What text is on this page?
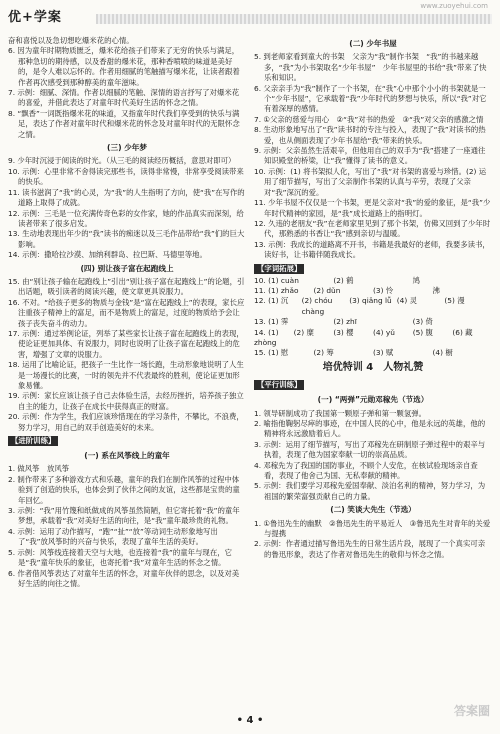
优+学案
www.zuoyehui.com
奋和喜悦以及急切想吃爆米花的心情。
6. 因为童年时期物质匮乏，爆米花给孩子们带来了无穷的快乐与满足，那种急切的期待感，以及香甜的爆米花，那种香喷喷的味道是美好的，是令人难以忘怀的。作者用细腻的笔触描写爆米花，让读者跟着作者再次感受到那种醇美的童年滋味。
7. 示例：细腻、深情。作者以细腻的笔触、深情的语言抒写了对爆米花的喜爱，并借此表达了对童年时代美好生活的怀念之情。
8. “飘香”一词既指爆米花的味道，又指童年时代我们享受到的快乐与满足，表达了作者对童年时代和爆米花的怀念及对童年时代的无限怀念之情。
(三) 少年梦
9. 少年时沉浸于阅读的时光。（从三毛的阅读经历概括，意思对即可）
10. 示例：心里非常不舍得读完那些书，读得非常慢，非常享受阅读带来的快乐。
11. 读书滋润了“我”的心灵，为“我”的人生指明了方向，使“我”在写作的道路上取得了成就。
12. 示例：三毛是一位充满传奇色彩的女作家，她的作品真实而深刻，给读者带来了很多启发。
13. 生动地表现出年少的“我”读书的痴迷以及三毛作品带给“我”们的巨大影响。
14. 示例：撒哈拉沙漠、加纳利群岛、拉巴斯、马德里等地。
(四) 别让孩子富在起跑线上
15. 由“别让孩子输在起跑线上”引出“别让孩子富在起跑线上”的论题，引出话题，吸引读者的阅读兴趣，使文章更具说服力。
16. 不对。“给孩子更多的物质与金钱”是“富在起跑线上”的表现，家长应注重孩子精神上的富足，而不是物质上的富足，过度的物质给予会让孩子丧失奋斗的动力。
17. 示例：通过举例论证，列举了某些家长让孩子富在起跑线上的表现，使论证更加具体、有说服力，同时也说明了让孩子富在起跑线上的危害，增强了文章的说服力。
18. 运用了比喻论证，把孩子一生比作一场长跑，生动形象地说明了人生是一场漫长的比赛，一时的领先并不代表最终的胜利，使论证更加形象易懂。
19. 示例：家长应该让孩子自己去体验生活，去经历挫折，培养孩子独立自主的能力，让孩子在成长中获得真正的财富。
20. 示例：作为学生，我们应该珍惜现在的学习条件，不攀比，不浪费，努力学习，用自己的双手创造美好的未来。
【进阶训练】
(一) 系在风筝线上的童年
1. 做风筝　放风筝
2. 制作带来了多种游戏方式和乐趣，童年的我们在制作风筝的过程中体验到了创造的快乐，也体会到了伙伴之间的友谊，这些都是宝贵的童年回忆。
3. 示例：“我”用竹篾和纸做成的风筝虽然简陋，但它寄托着“我”的童年梦想，承载着“我”对美好生活的向往，是“我”童年最珍贵的礼物。
4. 示例：运用了动作描写，“跑”“扯”“放”等动词生动形象地写出了“我”放风筝时的兴奋与快乐，表现了童年生活的美好。
5. 示例：风筝线连接着天空与大地，也连接着“我”的童年与现在，它是“我”童年快乐的象征，也寄托着“我”对童年生活的怀念之情。
6. 作者借风筝表达了对童年生活的怀念，对童年伙伴的思念，以及对美好生活的向往之情。
(二) 少年书屋
5. 到老师家看到童大的书架　父亲为“我”制作书架　“我”的书越来越多，“我”为小书架取名“少年书屋”　少年书屋里的书给“我”带来了快乐和知识。
6. 父亲亲手为“我”制作了一个书架，在“我”心中那个小小的书架就是一个“少年书屋”，它承载着“我”少年时代的梦想与快乐，所以“我”对它有着深厚的感情。
7. ①父亲的慈爱与用心　②“我”对书的热爱　③“我”对父亲的感激之情
8. 生动形象地写出了“我”读书时的专注与投入，表现了“我”对读书的热爱，也从侧面表现了少年书屋给“我”带来的快乐。
9. 示例：父亲虽然生活艰辛，但他用自己的双手为“我”搭建了一座通往知识殿堂的桥梁，让“我”懂得了读书的意义。
10. 示例：(1) 将书架拟人化，写出了“我”对书架的喜爱与珍惜。(2) 运用了细节描写，写出了父亲制作书架的认真与辛劳，表现了父亲对“我”深沉的爱。
11. 少年书屋不仅仅是一个书架，更是父亲对“我”的爱的象征，是“我”少年时代精神的家园，是“我”成长道路上的指明灯。
12. 久违的老朋友“我”在老师家里见到了那个书架，仿佛又回到了少年时代，那熟悉的书香让“我”感到亲切与温暖。
13. 示例：我成长的道路离不开书，书籍是我最好的老师，我要多读书，读好书，让书籍伴随我成长。
【字词拓展】
10. (1) cuàn	(2) 鹤	鸠
11. (1) zhǎo	(2) dǔn	(3) 怜	沸
12. (1) 沉	(2) chóu chàng
(3) qiǎng lǚ (4) 灵	(5) 漫
13. (1) 霁	(2) zhī	(3) 倚
14. (1) zhòng
(2) 糜	(3) 樱	(4) yǔ	(5) 腹	(6) 藏
15. (1) 慰	(2) 筹	(3) 赋	(4) 橱
培优特训 4　人物礼赞
【平行训练】
(一) “两弹”元勋邓稼先（节选）
1. 领导研制成功了我国第一颗原子弹和第一颗氢弹。
2. 喻指他鞠躬尽瘁的事迹，在中国人民的心中，他是永远的英雄，他的精神将永远激励着后人。
3. 示例：运用了细节描写，写出了邓稼先在研制原子弹过程中的艰辛与执着，表现了他为国家奉献一切的崇高品质。
4. 邓稼先为了我国的国防事业，不顾个人安危，在核试验现场亲自查看，表现了他舍己为国、无私奉献的精神。
5. 示例：我们要学习邓稼先爱国奉献、淡泊名利的精神，努力学习，为祖国的繁荣富强贡献自己的力量。
(二) 笑谈大先生（节选）
1. ①鲁迅先生的幽默　②鲁迅先生的平易近人　③鲁迅先生对青年的关爱与提携
2. 示例：作者通过描写鲁迅先生的日常生活片段，展现了一个真实可亲的鲁迅形象，表达了作者对鲁迅先生的敬仰与怀念之情。
答案圈
• 4 •
